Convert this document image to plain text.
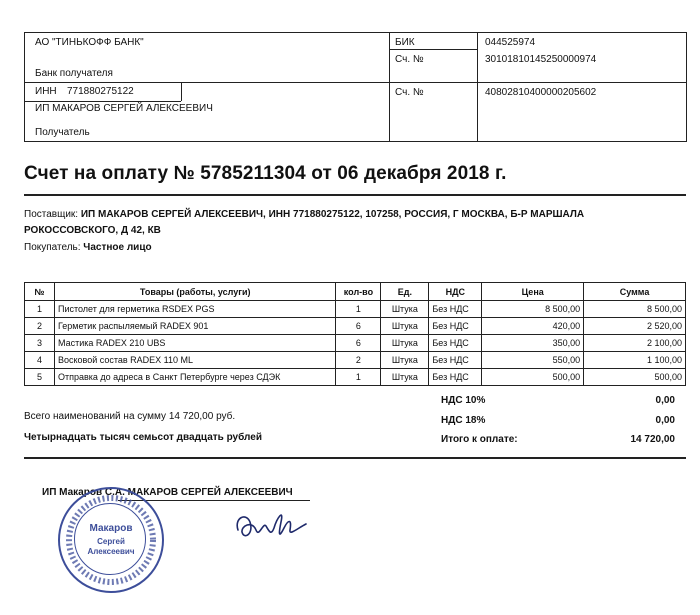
АО "ТИНЬКОФФ БАНК"
Банк получателя
БИК	044525974
Сч. №	30101810145250000974
ИНН 771880275122
ИП МАКАРОВ СЕРГЕЙ АЛЕКСЕЕВИЧ
Получатель
Сч. №	40802810400000205602
Счет на оплату № 5785211304 от 06 декабря 2018 г.
Поставщик: ИП МАКАРОВ СЕРГЕЙ АЛЕКСЕЕВИЧ, ИНН 771880275122, 107258, РОССИЯ, Г МОСКВА, Б-Р МАРШАЛА РОКОССОВСКОГО, Д 42, КВ
Покупатель: Частное лицо
№	Товары (работы, услуги)	кол-во	Ед.	НДС	Цена	Сумма
1	Пистолет для герметика RSDEX PGS	1	Штука	Без НДС	8 500,00	8 500,00
2	Герметик распыляемый RADEX 901	6	Штука	Без НДС	420,00	2 520,00
3	Мастика RADEX 210 UBS	6	Штука	Без НДС	350,00	2 100,00
4	Восковой состав RADEX 110 ML	2	Штука	Без НДС	550,00	1 100,00
5	Отправка до адреса в Санкт Петербурге через СДЭК	1	Штука	Без НДС	500,00	500,00
НДС 10%	0,00
НДС 18%	0,00
Итого к оплате:	14 720,00
Всего наименований на сумму 14 720,00 руб.
Четырнадцать тысяч семьсот двадцать рублей
ИП Макаров С.А. МАКАРОВ СЕРГЕЙ АЛЕКСЕЕВИЧ
Макаров
Сергей
Алексеевич
